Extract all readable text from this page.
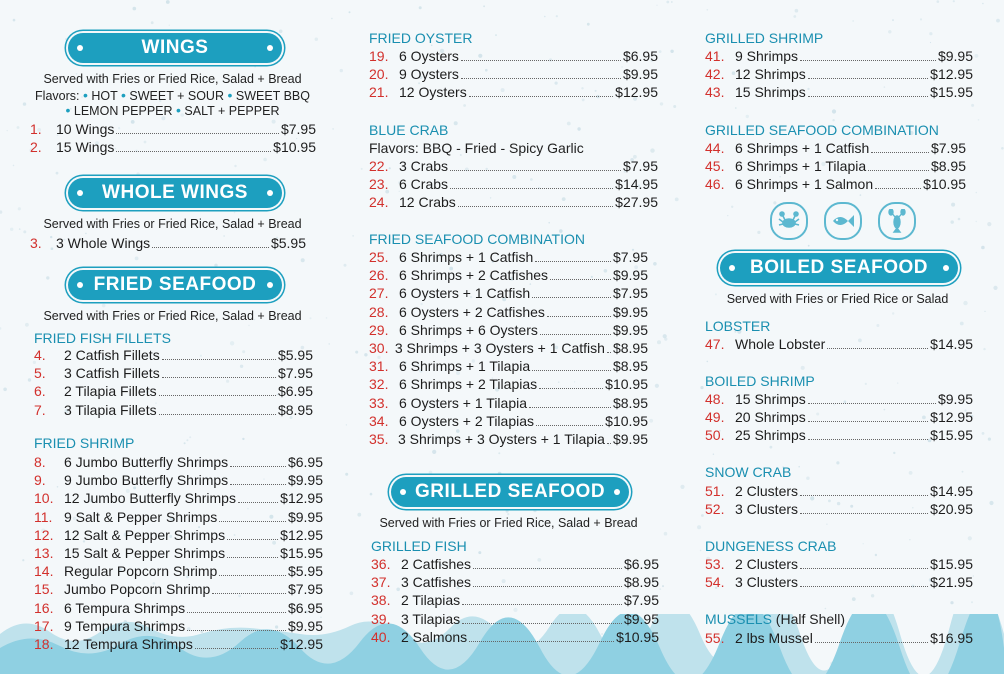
WINGS
Served with Fries or Fried Rice, Salad + Bread
Flavors: • HOT • SWEET + SOUR • SWEET BBQ
• LEMON PEPPER • SALT + PEPPER
1.	10 Wings	$7.95
2.	15 Wings	$10.95
WHOLE WINGS
Served with Fries or Fried Rice, Salad + Bread
3.	3 Whole Wings	$5.95
FRIED SEAFOOD
Served with Fries or Fried Rice, Salad + Bread
FRIED FISH FILLETS
4.	2 Catfish Fillets	$5.95
5.	3 Catfish Fillets	$7.95
6.	2 Tilapia Fillets	$6.95
7.	3 Tilapia Fillets	$8.95
FRIED SHRIMP
8.	6 Jumbo Butterfly Shrimps	$6.95
9.	9 Jumbo Butterfly Shrimps	$9.95
10. 12 Jumbo Butterfly Shrimps	$12.95
11. 9 Salt & Pepper Shrimps	$9.95
12. 12 Salt & Pepper Shrimps	$12.95
13. 15 Salt & Pepper Shrimps	$15.95
14. Regular Popcorn Shrimp	$5.95
15. Jumbo Popcorn Shrimp	$7.95
16. 6 Tempura Shrimps	$6.95
17. 9 Tempura Shrimps	$9.95
18. 12 Tempura Shrimps	$12.95
FRIED OYSTER
19. 6 Oysters	$6.95
20. 9 Oysters	$9.95
21. 12 Oysters	$12.95
BLUE CRAB
Flavors: BBQ - Fried - Spicy Garlic
22. 3 Crabs	$7.95
23. 6 Crabs	$14.95
24. 12 Crabs	$27.95
FRIED SEAFOOD COMBINATION
25. 6 Shrimps + 1 Catfish	$7.95
26. 6 Shrimps + 2 Catfishes	$9.95
27. 6 Oysters + 1 Catfish	$7.95
28. 6 Oysters + 2 Catfishes	$9.95
29. 6 Shrimps + 6 Oysters	$9.95
30. 3 Shrimps + 3 Oysters + 1 Catfish $8.95
31. 6 Shrimps + 1 Tilapia	$8.95
32. 6 Shrimps + 2 Tilapias	$10.95
33. 6 Oysters + 1 Tilapia	$8.95
34. 6 Oysters + 2 Tilapias	$10.95
35. 3 Shrimps + 3 Oysters + 1 Tilapia $9.95
GRILLED SEAFOOD
Served with Fries or Fried Rice, Salad + Bread
GRILLED FISH
36. 2 Catfishes	$6.95
37. 3 Catfishes	$8.95
38. 2 Tilapias	$7.95
39. 3 Tilapias	$9.95
40. 2 Salmons	$10.95
GRILLED SHRIMP
41. 9 Shrimps	$9.95
42. 12 Shrimps	$12.95
43. 15 Shrimps	$15.95
GRILLED SEAFOOD COMBINATION
44. 6 Shrimps + 1 Catfish	$7.95
45. 6 Shrimps + 1 Tilapia	$8.95
46. 6 Shrimps + 1 Salmon	$10.95
BOILED SEAFOOD
Served with Fries or Fried Rice or Salad
LOBSTER
47. Whole Lobster	$14.95
BOILED SHRIMP
48. 15 Shrimps	$9.95
49. 20 Shrimps	$12.95
50. 25 Shrimps	$15.95
SNOW CRAB
51. 2 Clusters	$14.95
52. 3 Clusters	$20.95
DUNGENESS CRAB
53. 2 Clusters	$15.95
54. 3 Clusters	$21.95
MUSSELS (Half Shell)
55. 2 lbs Mussel	$16.95
